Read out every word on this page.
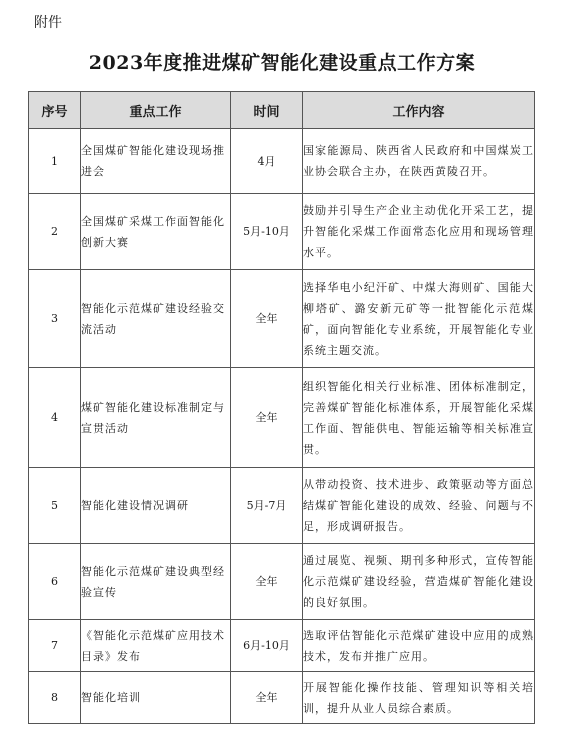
附件
2023年度推进煤矿智能化建设重点工作方案
序号	重点工作	时间	工作内容
1	全国煤矿智能化建设现场推进会	4月	国家能源局、陕西省人民政府和中国煤炭工业协会联合主办，在陕西黄陵召开。
2	全国煤矿采煤工作面智能化创新大赛	5月-10月	鼓励并引导生产企业主动优化开采工艺，提升智能化采煤工作面常态化应用和现场管理水平。
3	智能化示范煤矿建设经验交流活动	全年	选择华电小纪汗矿、中煤大海则矿、国能大柳塔矿、潞安新元矿等一批智能化示范煤矿，面向智能化专业系统，开展智能化专业系统主题交流。
4	煤矿智能化建设标准制定与宣贯活动	全年	组织智能化相关行业标准、团体标准制定，完善煤矿智能化标准体系，开展智能化采煤工作面、智能供电、智能运输等相关标准宣贯。
5	智能化建设情况调研	5月-7月	从带动投资、技术进步、政策驱动等方面总结煤矿智能化建设的成效、经验、问题与不足，形成调研报告。
6	智能化示范煤矿建设典型经验宣传	全年	通过展览、视频、期刊多种形式，宣传智能化示范煤矿建设经验，营造煤矿智能化建设的良好氛围。
7	《智能化示范煤矿应用技术目录》发布	6月-10月	选取评估智能化示范煤矿建设中应用的成熟技术，发布并推广应用。
8	智能化培训	全年	开展智能化操作技能、管理知识等相关培训，提升从业人员综合素质。
